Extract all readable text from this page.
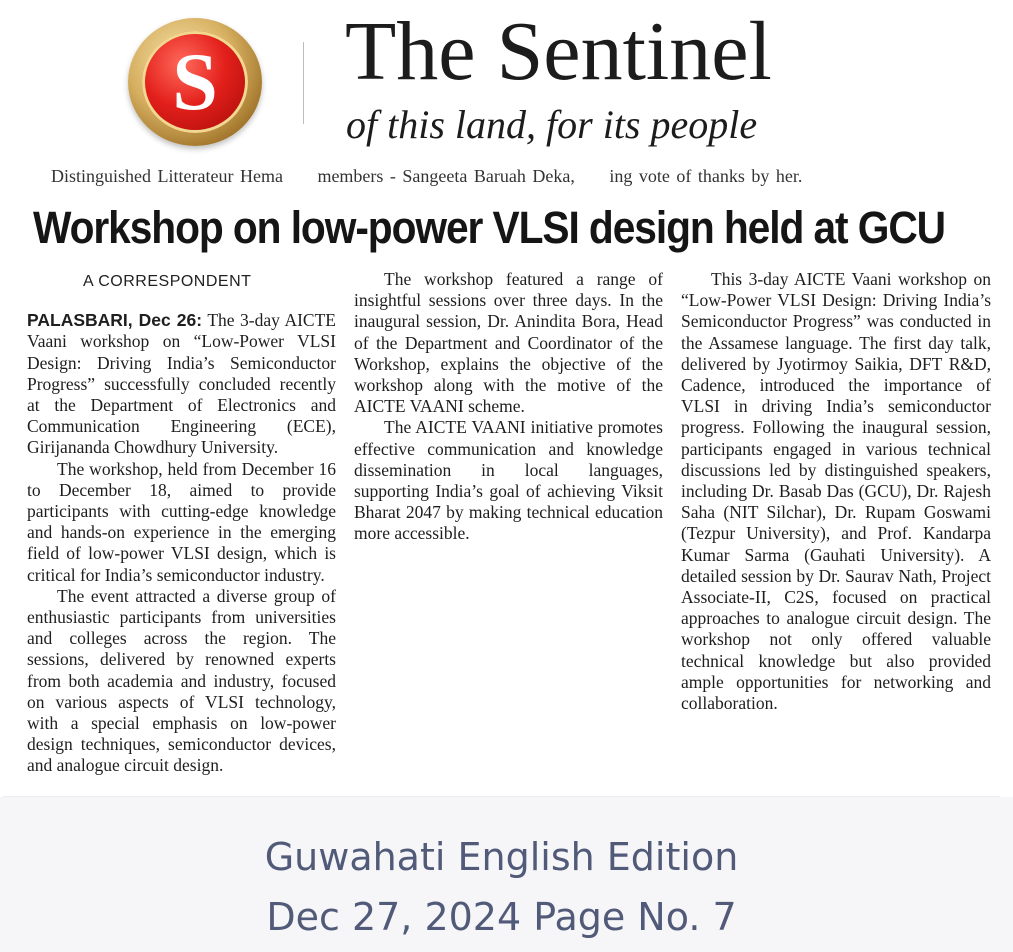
S	The Sentinel
of this land, for its people
Distinguished Litterateur Hema members - Sangeeta Baruah Deka, ing vote of thanks by her.
Workshop on low-power VLSI design held at GCU
A CORRESPONDENT

PALASBARI, Dec 26: The 3-day AICTE Vaani workshop on “Low-Power VLSI Design: Driving India’s Semiconductor Progress” successfully concluded recently at the Department of Electronics and Communication Engineering (ECE), Girijananda Chowdhury University.

The workshop, held from December 16 to December 18, aimed to provide participants with cutting-edge knowledge and hands-on experience in the emerging field of low-power VLSI design, which is critical for India’s semiconductor industry.

The event attracted a diverse group of enthusiastic participants from universities and colleges across the region. The sessions, delivered by renowned experts from both academia and industry, focused on various aspects of VLSI technology, with a special emphasis on low-power design techniques, semiconductor devices, and analogue circuit design.

The workshop featured a range of insightful sessions over three days. In the inaugural session, Dr. Anindita Bora, Head of the Department and Coordinator of the Workshop, explains the objective of the workshop along with the motive of the AICTE VAANI scheme.

The AICTE VAANI initiative promotes effective communication and knowledge dissemination in local languages, supporting India’s goal of achieving Viksit Bharat 2047 by making technical education more accessible.

This 3-day AICTE Vaani workshop on “Low-Power VLSI Design: Driving India’s Semiconductor Progress” was conducted in the Assamese language. The first day talk, delivered by Jyotirmoy Saikia, DFT R&D, Cadence, introduced the importance of VLSI in driving India’s semiconductor progress. Following the inaugural session, participants engaged in various technical discussions led by distinguished speakers, including Dr. Basab Das (GCU), Dr. Rajesh Saha (NIT Silchar), Dr. Rupam Goswami (Tezpur University), and Prof. Kandarpa Kumar Sarma (Gauhati University). A detailed session by Dr. Saurav Nath, Project Associate-II, C2S, focused on practical approaches to analogue circuit design. The workshop not only offered valuable technical knowledge but also provided ample opportunities for networking and collaboration.

Guwahati English Edition
Dec 27, 2024 Page No. 7
